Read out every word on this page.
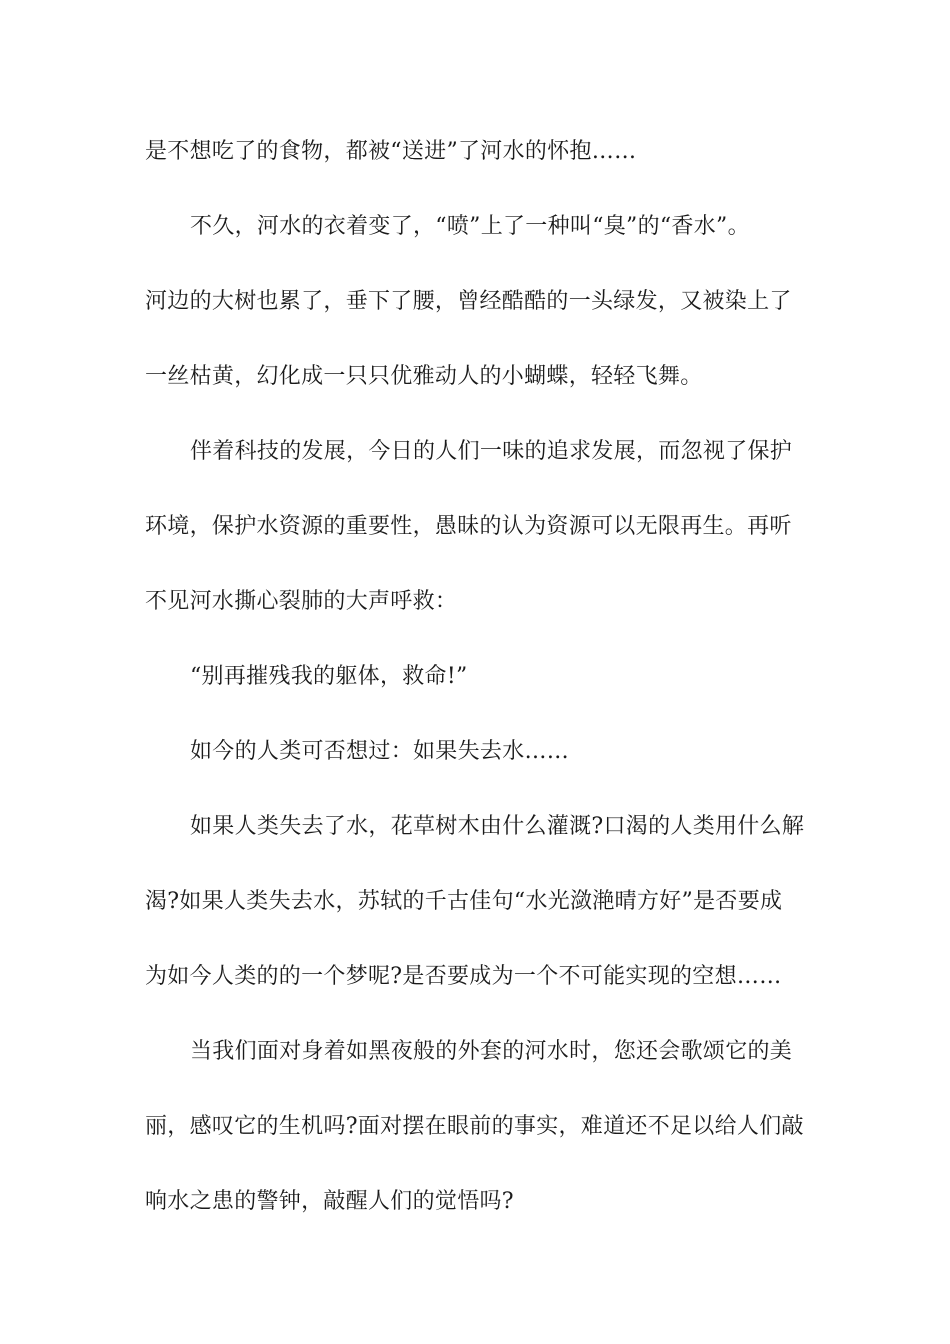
是不想吃了的食物，都被“送进”了河水的怀抱……
不久，河水的衣着变了，“喷”上了一种叫“臭”的“香水”。
河边的大树也累了，垂下了腰，曾经酷酷的一头绿发，又被染上了
一丝枯黄，幻化成一只只优雅动人的小蝴蝶，轻轻飞舞。
伴着科技的发展，今日的人们一味的追求发展，而忽视了保护
环境，保护水资源的重要性，愚昧的认为资源可以无限再生。再听
不见河水撕心裂肺的大声呼救：
“别再摧残我的躯体，救命!”
如今的人类可否想过：如果失去水……
如果人类失去了水，花草树木由什么灌溉?口渴的人类用什么解
渴?如果人类失去水，苏轼的千古佳句“水光潋滟晴方好”是否要成
为如今人类的的一个梦呢?是否要成为一个不可能实现的空想……
当我们面对身着如黑夜般的外套的河水时，您还会歌颂它的美
丽，感叹它的生机吗?面对摆在眼前的事实，难道还不足以给人们敲
响水之患的警钟，敲醒人们的觉悟吗?
